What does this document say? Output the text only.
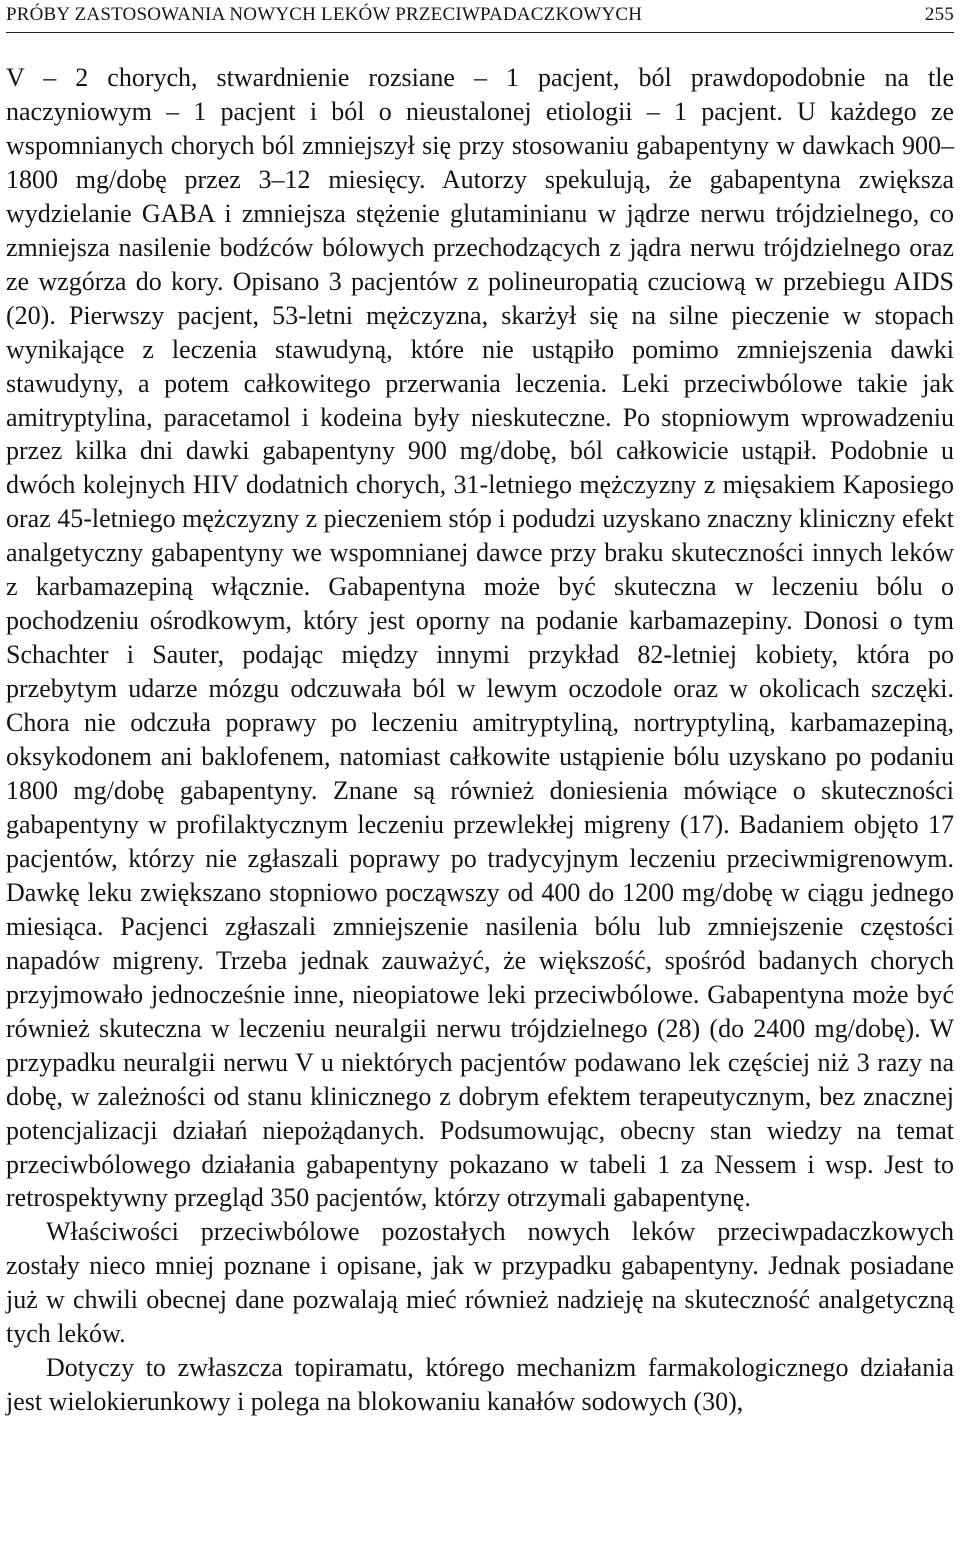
PRÓBY ZASTOSOWANIA NOWYCH LEKÓW PRZECIWPADACZKOWYCH	255

V – 2 chorych, stwardnienie rozsiane – 1 pacjent, ból prawdopodobnie na tle naczyniowym – 1 pacjent i ból o nieustalonej etiologii – 1 pacjent. U każdego ze wspomnianych chorych ból zmniejszył się przy stosowaniu gabapentyny w dawkach 900–1800 mg/dobę przez 3–12 miesięcy. Autorzy spekulują, że gabapentyna zwiększa wydzielanie GABA i zmniejsza stężenie glutaminianu w jądrze nerwu trójdzielnego, co zmniejsza nasilenie bodźców bólowych przechodzących z jądra nerwu trójdzielnego oraz ze wzgórza do kory. Opisano 3 pacjentów z polineuropatią czuciową w przebiegu AIDS (20). Pierwszy pacjent, 53-letni mężczyzna, skarżył się na silne pieczenie w stopach wynikające z leczenia stawudyną, które nie ustąpiło pomimo zmniejszenia dawki stawudyny, a potem całkowitego przerwania leczenia. Leki przeciwbólowe takie jak amitryptylina, paracetamol i kodeina były nieskuteczne. Po stopniowym wprowadzeniu przez kilka dni dawki gabapentyny 900 mg/dobę, ból całkowicie ustąpił. Podobnie u dwóch kolejnych HIV dodatnich chorych, 31-letniego mężczyzny z mięsakiem Kaposiego oraz 45-letniego mężczyzny z pieczeniem stóp i podudzi uzyskano znaczny kliniczny efekt analgetyczny gabapentyny we wspomnianej dawce przy braku skuteczności innych leków z karbamazepiną włącznie. Gabapentyna może być skuteczna w leczeniu bólu o pochodzeniu ośrodkowym, który jest oporny na podanie karbamazepiny. Donosi o tym Schachter i Sauter, podając między innymi przykład 82-letniej kobiety, która po przebytym udarze mózgu odczuwała ból w lewym oczodole oraz w okolicach szczęki. Chora nie odczuła poprawy po leczeniu amitryptyliną, nortryptyliną, karbamazepiną, oksykodonem ani baklofenem, natomiast całkowite ustąpienie bólu uzyskano po podaniu 1800 mg/dobę gabapentyny. Znane są również doniesienia mówiące o skuteczności gabapentyny w profilaktycznym leczeniu przewlekłej migreny (17). Badaniem objęto 17 pacjentów, którzy nie zgłaszali poprawy po tradycyjnym leczeniu przeciwmigrenowym. Dawkę leku zwiększano stopniowo począwszy od 400 do 1200 mg/dobę w ciągu jednego miesiąca. Pacjenci zgłaszali zmniejszenie nasilenia bólu lub zmniejszenie częstości napadów migreny. Trzeba jednak zauważyć, że większość, spośród badanych chorych przyjmowało jednocześnie inne, nieopiatowe leki przeciwbólowe. Gabapentyna może być również skuteczna w leczeniu neuralgii nerwu trójdzielnego (28) (do 2400 mg/dobę). W przypadku neuralgii nerwu V u niektórych pacjentów podawano lek częściej niż 3 razy na dobę, w zależności od stanu klinicznego z dobrym efektem terapeutycznym, bez znacznej potencjalizacji działań niepożądanych. Podsumowując, obecny stan wiedzy na temat przeciwbólowego działania gabapentyny pokazano w tabeli 1 za Nessem i wsp. Jest to retrospektywny przegląd 350 pacjentów, którzy otrzymali gabapentynę.

Właściwości przeciwbólowe pozostałych nowych leków przeciwpadaczkowych zostały nieco mniej poznane i opisane, jak w przypadku gabapentyny. Jednak posiadane już w chwili obecnej dane pozwalają mieć również nadzieję na skuteczność analgetyczną tych leków.

Dotyczy to zwłaszcza topiramatu, którego mechanizm farmakologicznego działania jest wielokierunkowy i polega na blokowaniu kanałów sodowych (30),
